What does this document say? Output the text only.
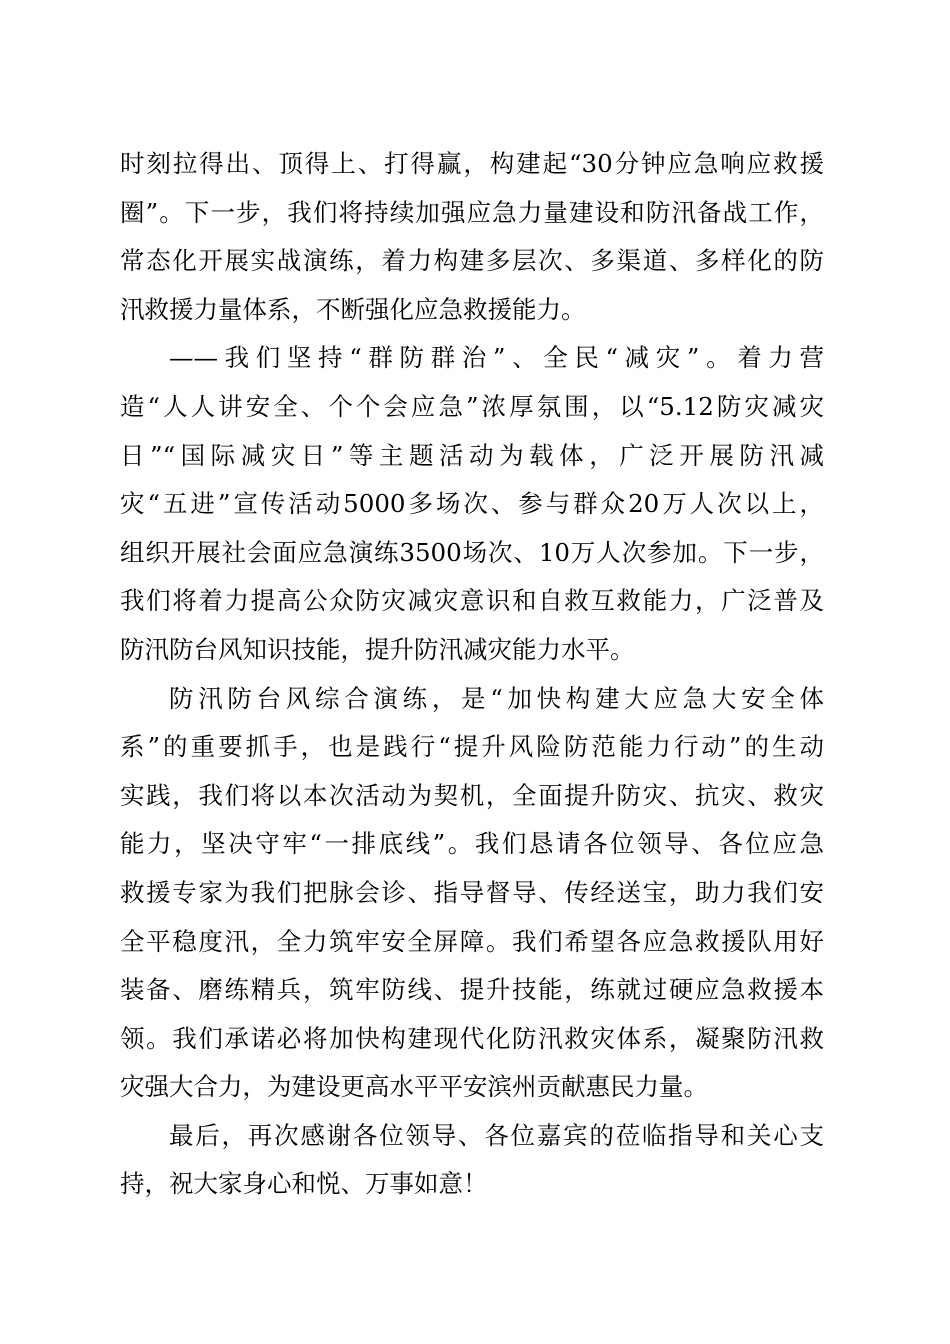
时刻拉得出、顶得上、打得赢，构建起“30分钟应急响应救援
圈”。下一步，我们将持续加强应急力量建设和防汛备战工作，
常态化开展实战演练，着力构建多层次、多渠道、多样化的防
汛救援力量体系，不断强化应急救援能力。
——我们坚持“群防群治”、全民“减灾”。着力营
造“人人讲安全、个个会应急”浓厚氛围，以“5.12防灾减灾
日”“国际减灾日”等主题活动为载体，广泛开展防汛减
灾“五进”宣传活动5000多场次、参与群众20万人次以上，
组织开展社会面应急演练3500场次、10万人次参加。下一步，
我们将着力提高公众防灾减灾意识和自救互救能力，广泛普及
防汛防台风知识技能，提升防汛减灾能力水平。
防汛防台风综合演练，是“加快构建大应急大安全体
系”的重要抓手，也是践行“提升风险防范能力行动”的生动
实践，我们将以本次活动为契机，全面提升防灾、抗灾、救灾
能力，坚决守牢“一排底线”。我们恳请各位领导、各位应急
救援专家为我们把脉会诊、指导督导、传经送宝，助力我们安
全平稳度汛，全力筑牢安全屏障。我们希望各应急救援队用好
装备、磨练精兵，筑牢防线、提升技能，练就过硬应急救援本
领。我们承诺必将加快构建现代化防汛救灾体系，凝聚防汛救
灾强大合力，为建设更高水平平安滨州贡献惠民力量。
最后，再次感谢各位领导、各位嘉宾的莅临指导和关心支
持，祝大家身心和悦、万事如意！
